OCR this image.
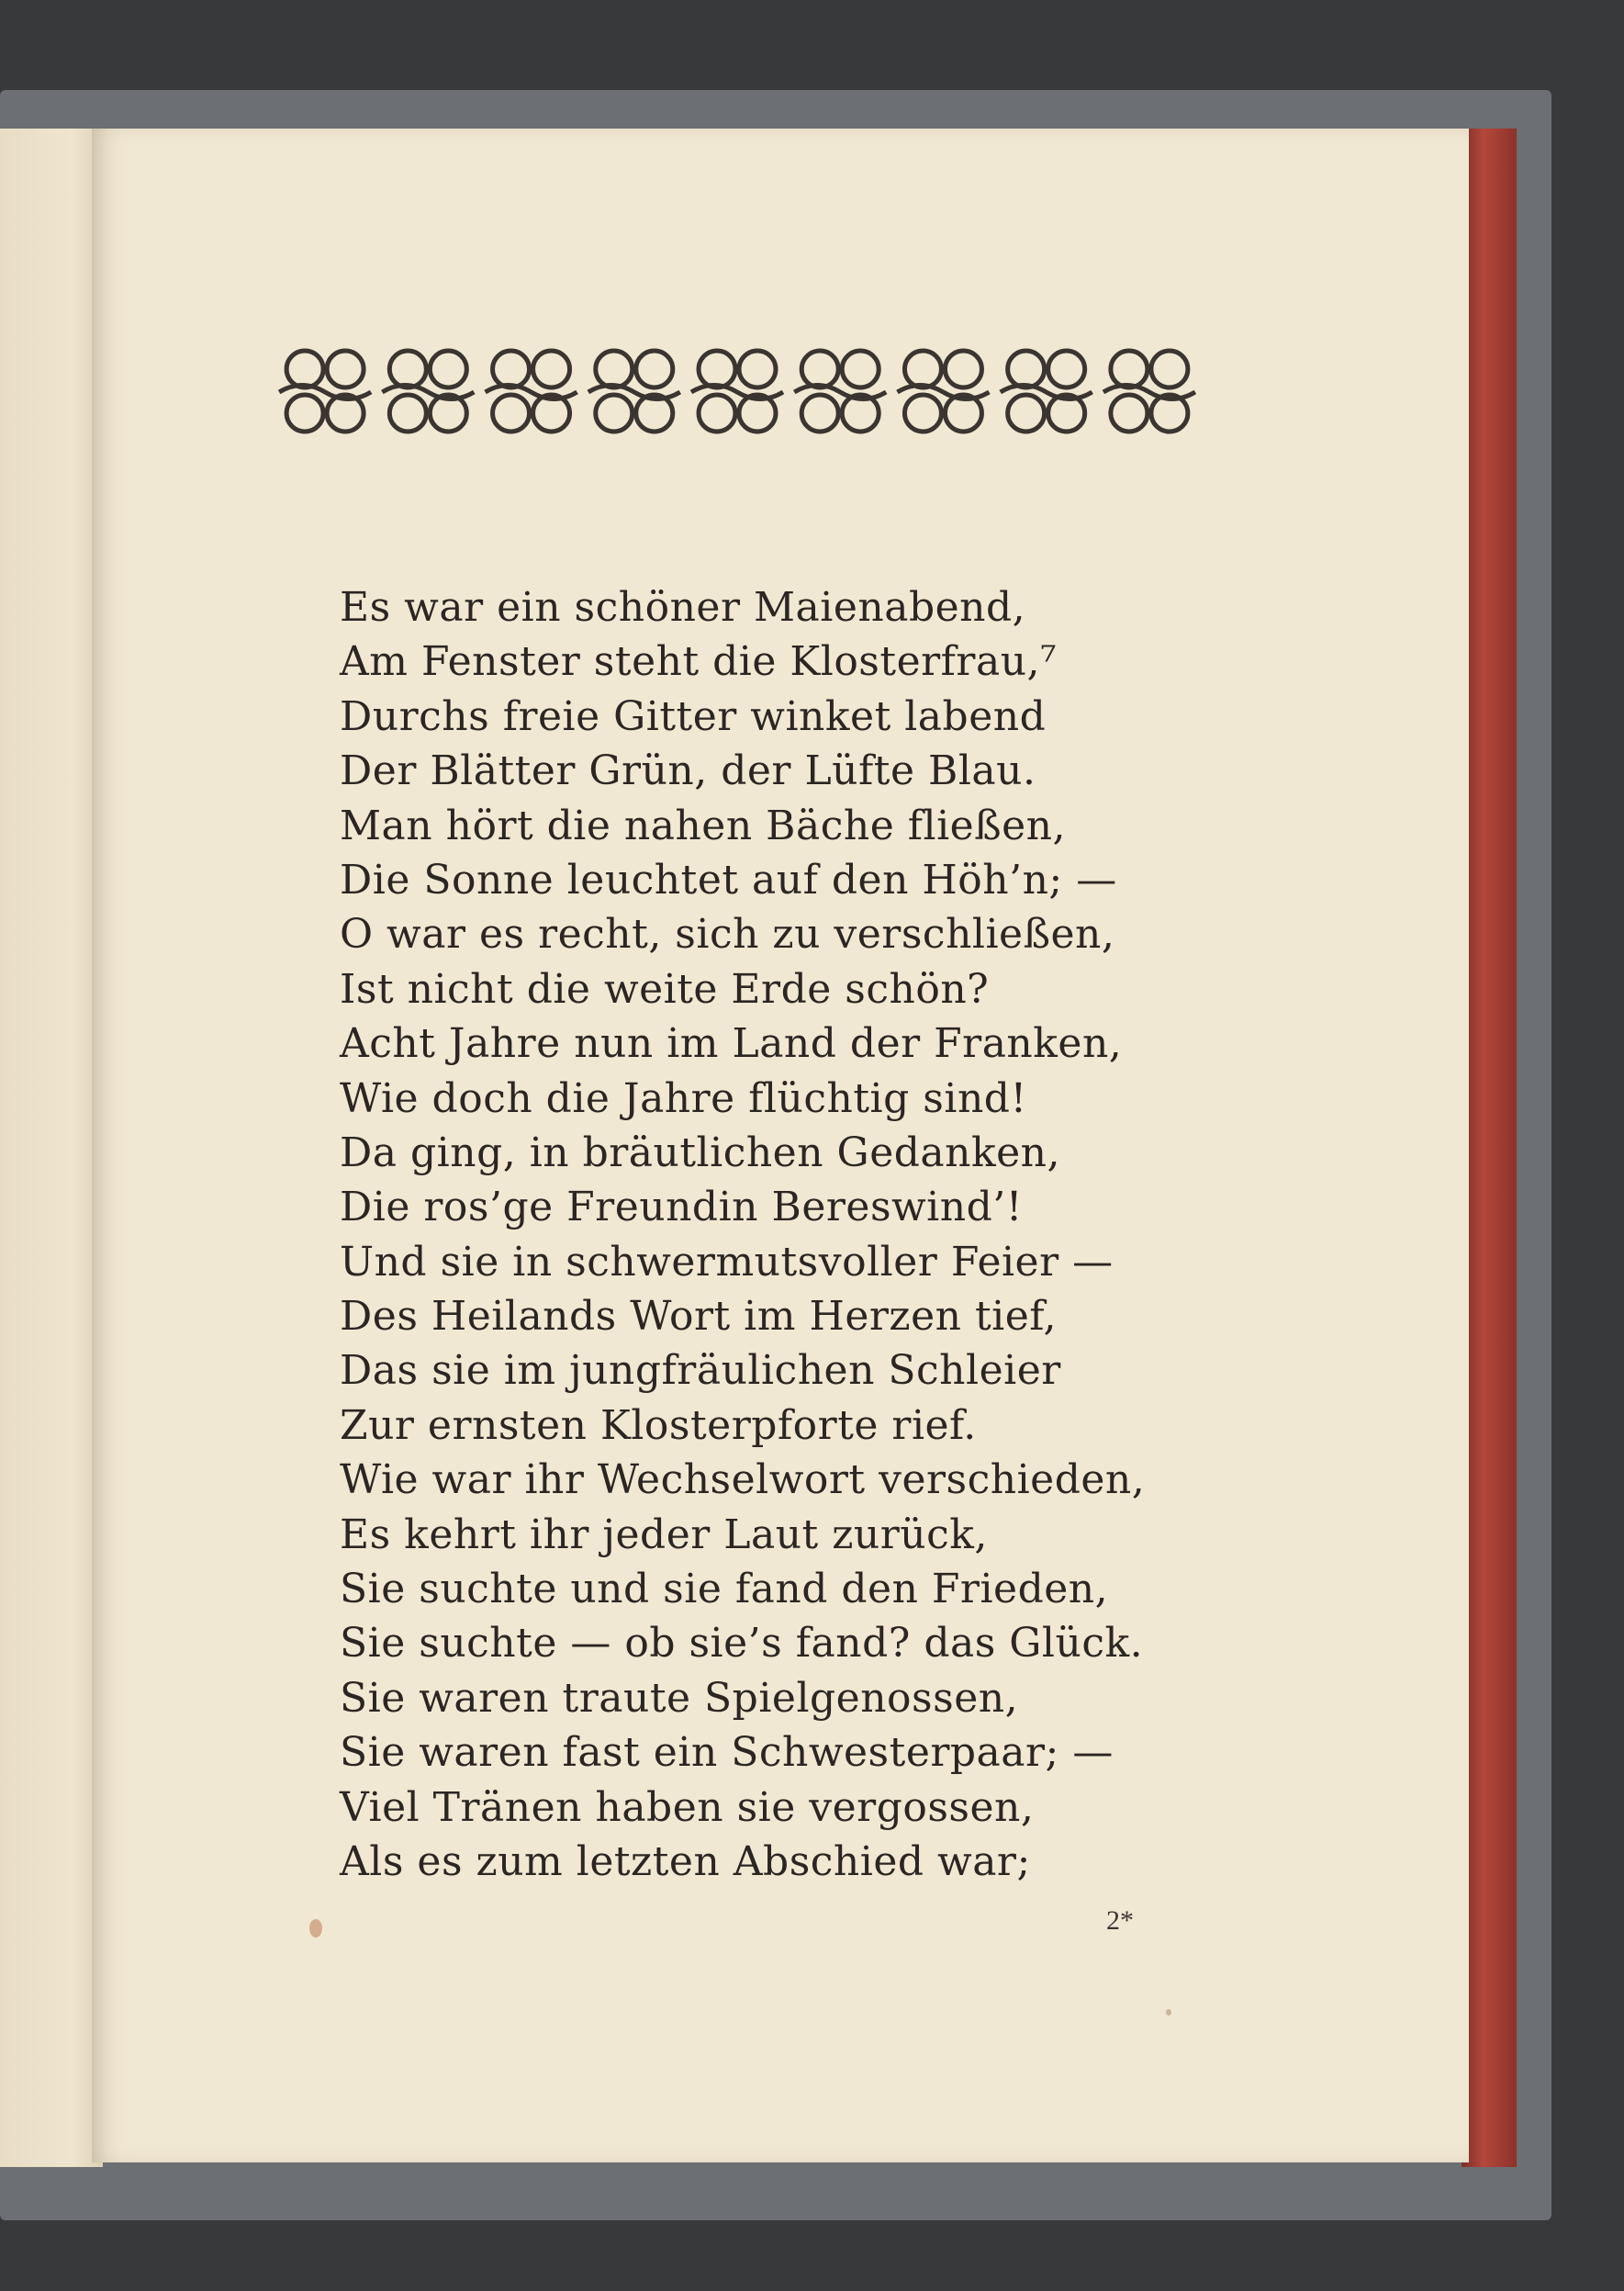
Es war ein schöner Maienabend,
Am Fenster steht die Klosterfrau,⁷
Durchs freie Gitter winket labend
Der Blätter Grün, der Lüfte Blau.
Man hört die nahen Bäche fließen,
Die Sonne leuchtet auf den Höh’n; —
O war es recht, sich zu verschließen,
Ist nicht die weite Erde schön?
Acht Jahre nun im Land der Franken,
Wie doch die Jahre flüchtig sind!
Da ging, in bräutlichen Gedanken,
Die ros’ge Freundin Bereswind’!
Und sie in schwermutsvoller Feier —
Des Heilands Wort im Herzen tief,
Das sie im jungfräulichen Schleier
Zur ernsten Klosterpforte rief.
Wie war ihr Wechselwort verschieden,
Es kehrt ihr jeder Laut zurück,
Sie suchte und sie fand den Frieden,
Sie suchte — ob sie’s fand? das Glück.
Sie waren traute Spielgenossen,
Sie waren fast ein Schwesterpaar; —
Viel Tränen haben sie vergossen,
Als es zum letzten Abschied war;
2*
